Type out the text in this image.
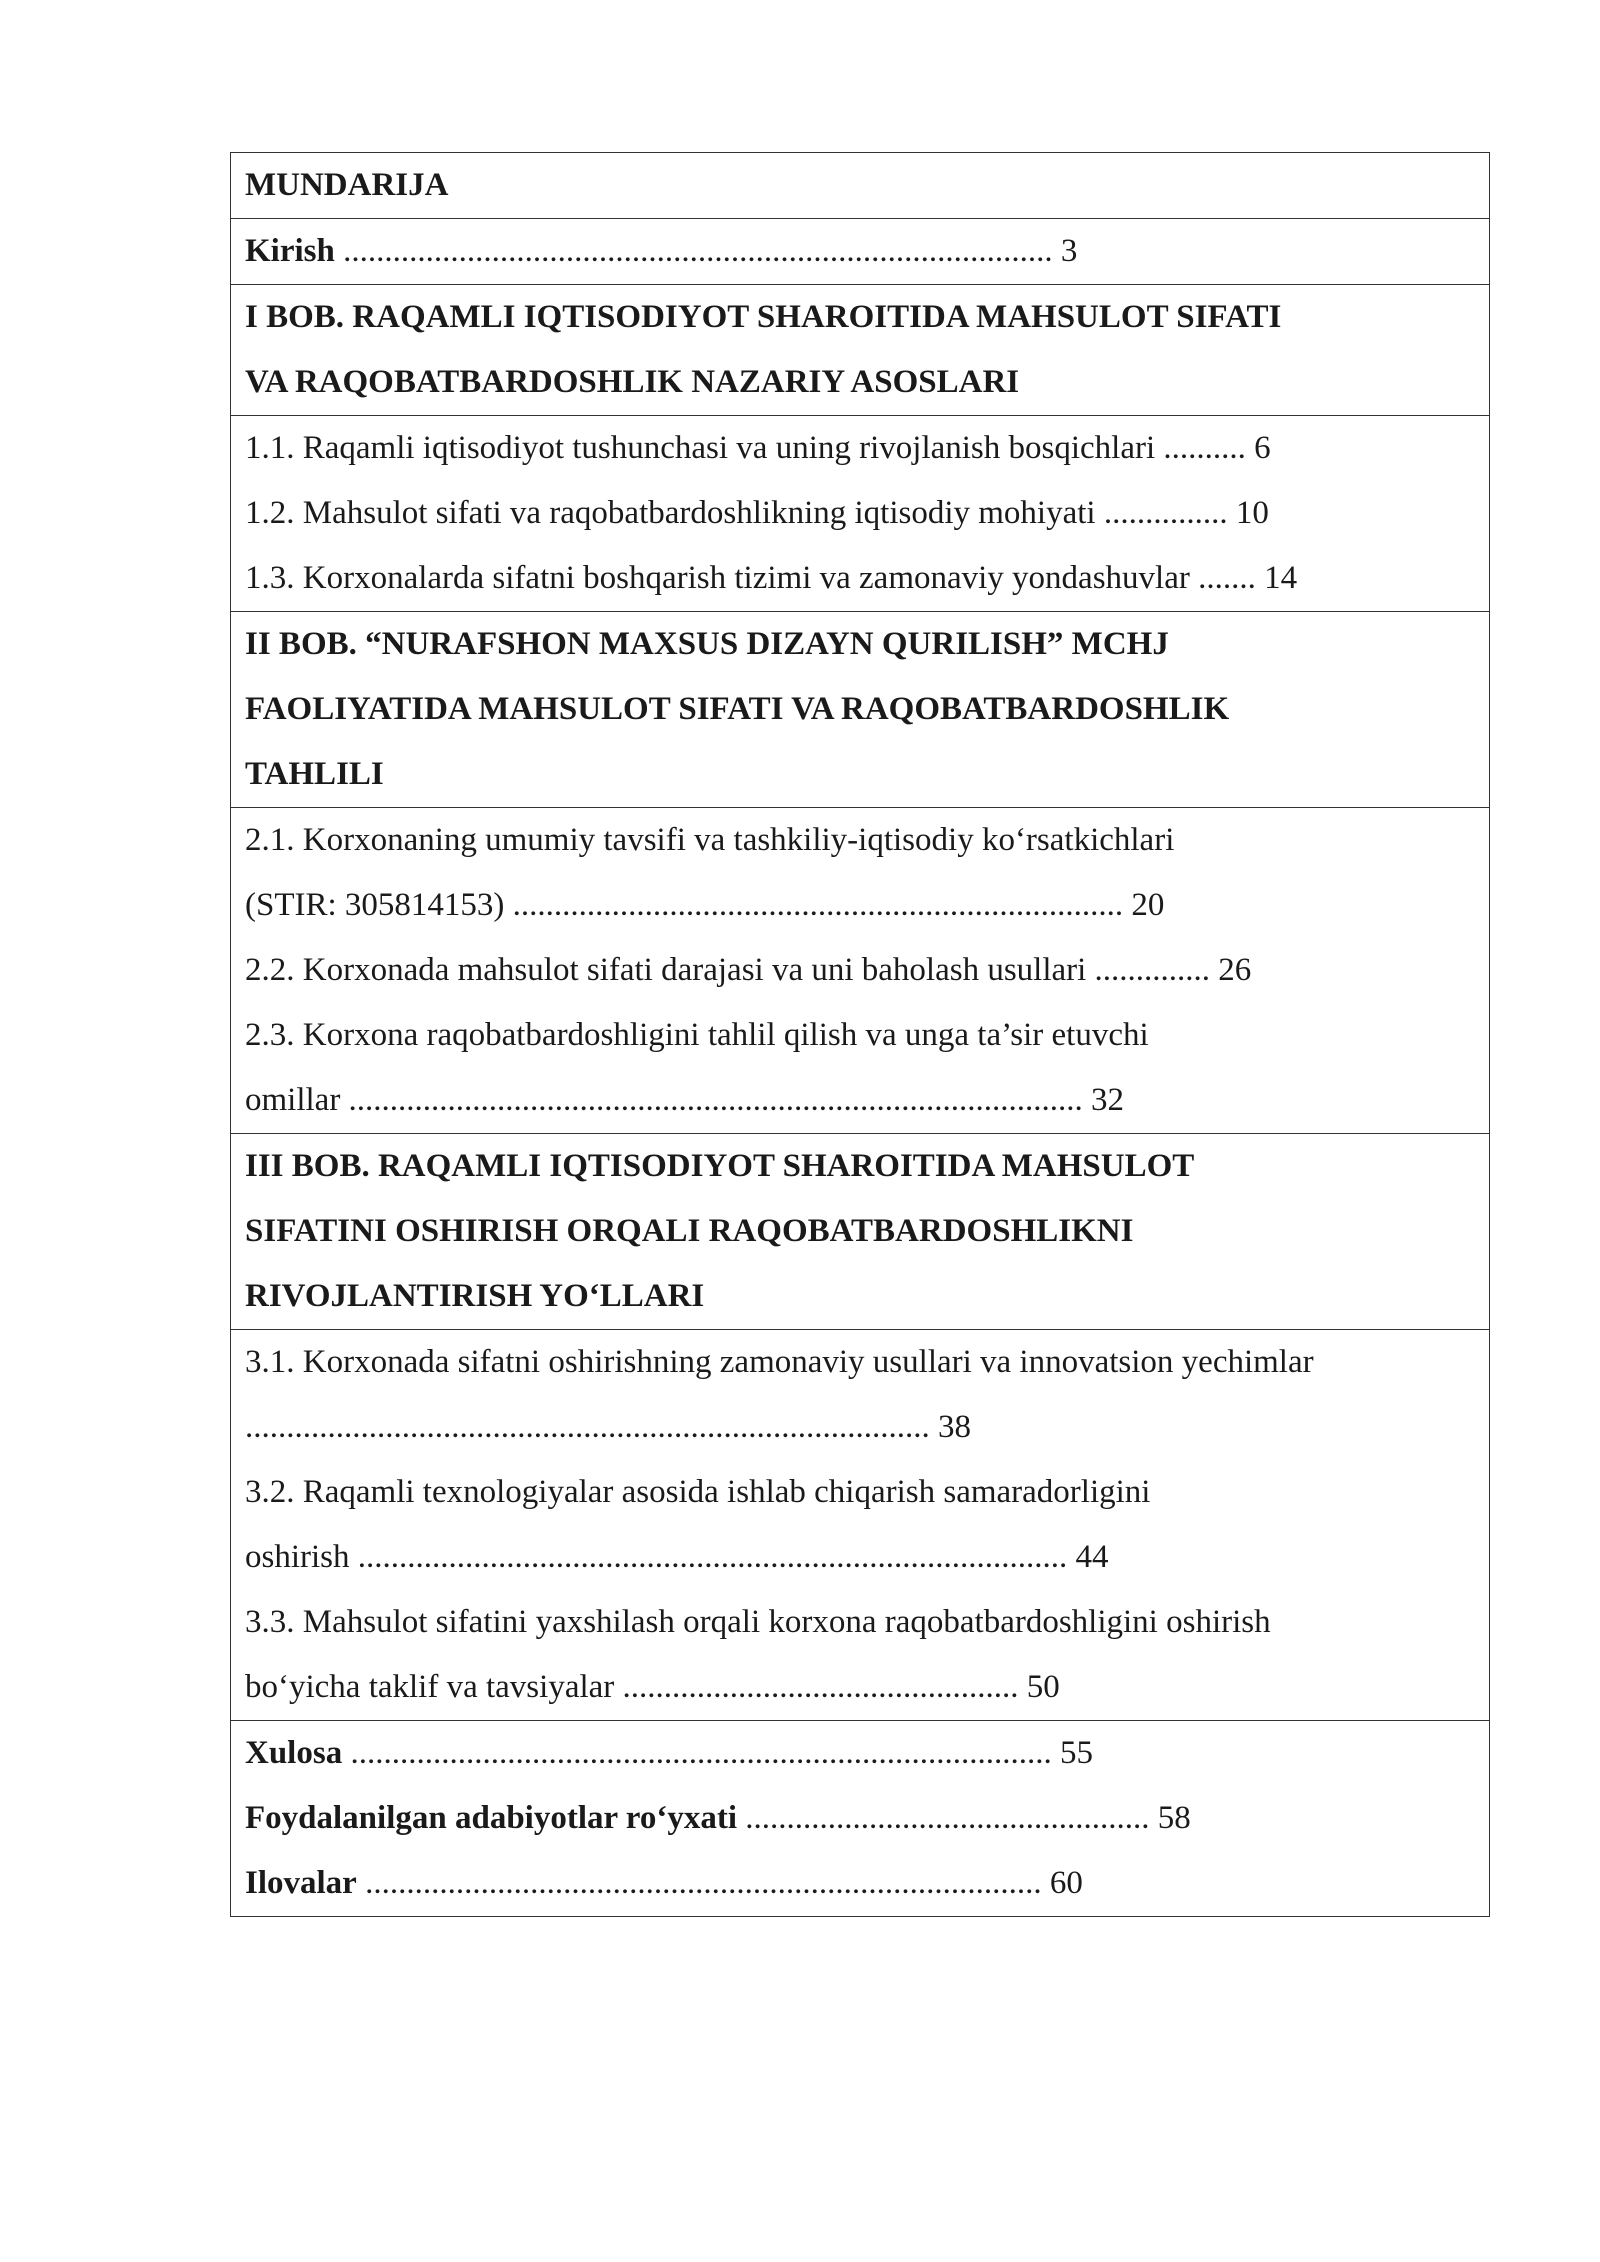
MUNDARIJA
Kirish ...................................................................................... 3
I BOB. RAQAMLI IQTISODIYOT SHAROITIDA MAHSULOT SIFATI
VA RAQOBATBARDOSHLIK NAZARIY ASOSLARI
1.1. Raqamli iqtisodiyot tushunchasi va uning rivojlanish bosqichlari .......... 6
1.2. Mahsulot sifati va raqobatbardoshlikning iqtisodiy mohiyati ............... 10
1.3. Korxonalarda sifatni boshqarish tizimi va zamonaviy yondashuvlar ....... 14
II BOB. “NURAFSHON MAXSUS DIZAYN QURILISH” MCHJ
FAOLIYATIDA MAHSULOT SIFATI VA RAQOBATBARDOSHLIK
TAHLILI
2.1. Korxonaning umumiy tavsifi va tashkiliy-iqtisodiy ko‘rsatkichlari
(STIR: 305814153) .......................................................................... 20
2.2. Korxonada mahsulot sifati darajasi va uni baholash usullari .............. 26
2.3. Korxona raqobatbardoshligini tahlil qilish va unga ta’sir etuvchi
omillar ......................................................................................... 32
III BOB. RAQAMLI IQTISODIYOT SHAROITIDA MAHSULOT
SIFATINI OSHIRISH ORQALI RAQOBATBARDOSHLIKNI
RIVOJLANTIRISH YO‘LLARI
3.1. Korxonada sifatni oshirishning zamonaviy usullari va innovatsion yechimlar
................................................................................... 38
3.2. Raqamli texnologiyalar asosida ishlab chiqarish samaradorligini
oshirish ...................................................................................... 44
3.3. Mahsulot sifatini yaxshilash orqali korxona raqobatbardoshligini oshirish
bo‘yicha taklif va tavsiyalar ................................................ 50
Xulosa ..................................................................................... 55
Foydalanilgan adabiyotlar ro‘yxati ................................................. 58
Ilovalar .................................................................................. 60
